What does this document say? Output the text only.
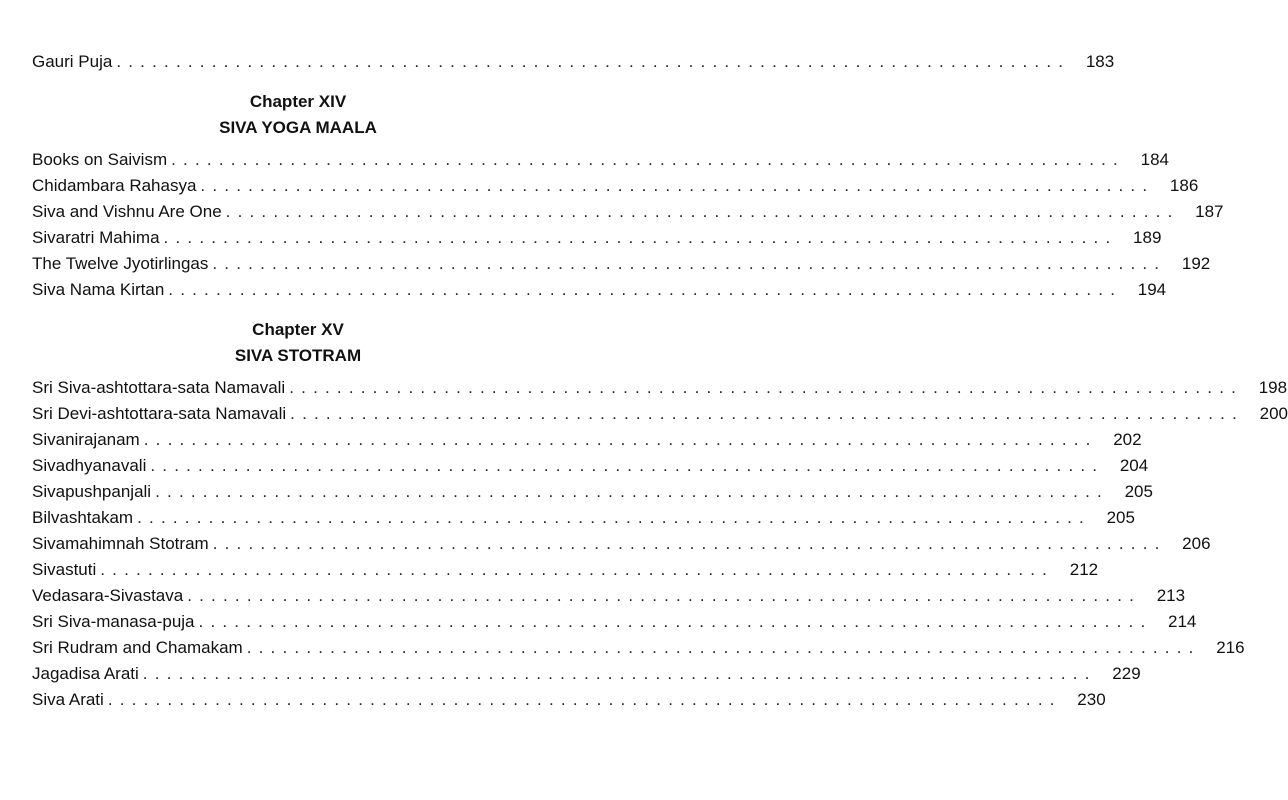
Gauri Puja ................................................................................ 183
Chapter XIV
SIVA YOGA MAALA
Books on Saivism ................................................................................ 184
Chidambara Rahasya ................................................................................ 186
Siva and Vishnu Are One ................................................................................ 187
Sivaratri Mahima ................................................................................ 189
The Twelve Jyotirlingas ................................................................................ 192
Siva Nama Kirtan ................................................................................ 194
Chapter XV
SIVA STOTRAM
Sri Siva-ashtottara-sata Namavali ................................................................................ 198
Sri Devi-ashtottara-sata Namavali ................................................................................ 200
Sivanirajanam ................................................................................ 202
Sivadhyanavali ................................................................................ 204
Sivapushpanjali ................................................................................ 205
Bilvashtakam ................................................................................ 205
Sivamahimnah Stotram ................................................................................ 206
Sivastuti ................................................................................ 212
Vedasara-Sivastava ................................................................................ 213
Sri Siva-manasa-puja ................................................................................ 214
Sri Rudram and Chamakam ................................................................................ 216
Jagadisa Arati ................................................................................ 229
Siva Arati ................................................................................ 230
